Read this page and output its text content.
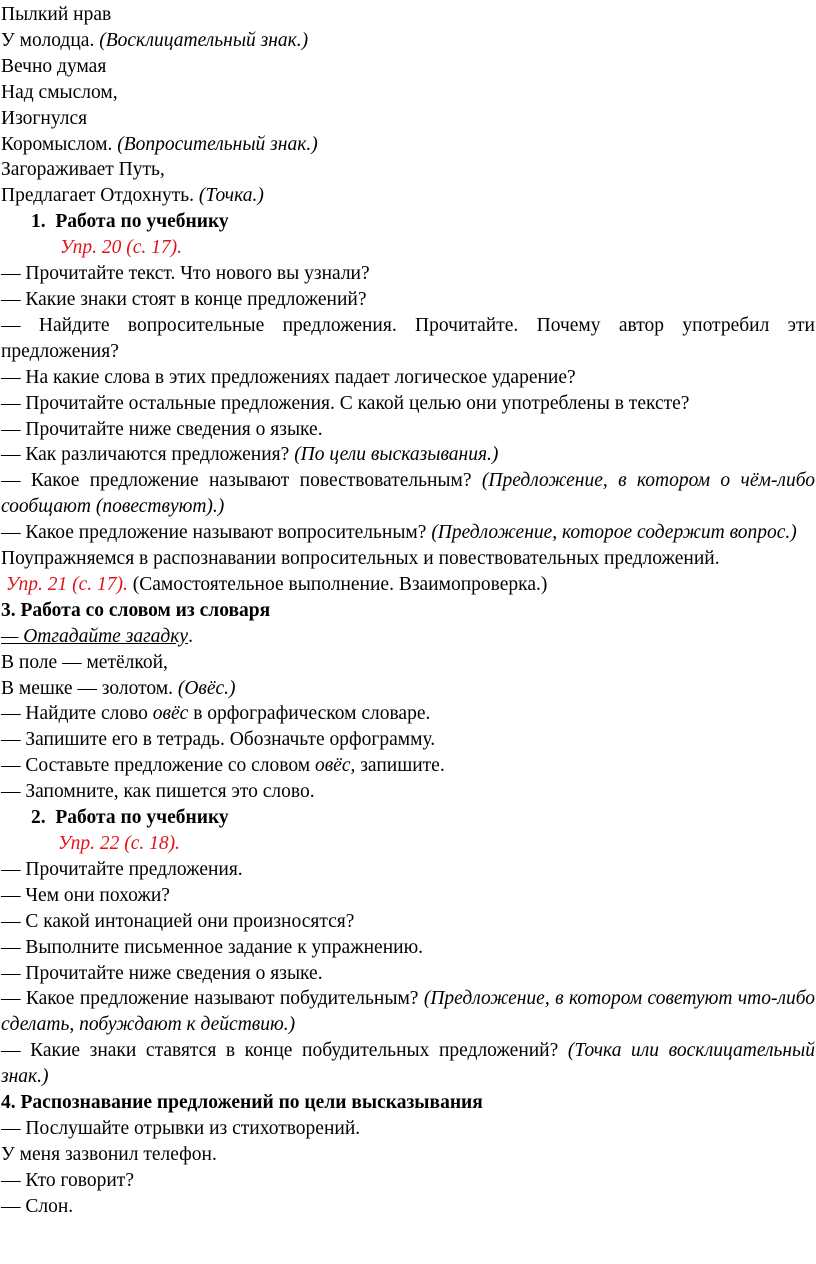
Пылкий нрав
У молодца. (Восклицательный знак.)
Вечно думая
Над смыслом,
Изогнулся
Коромыслом. (Вопросительный знак.)
Загораживает Путь,
Предлагает Отдохнуть. (Точка.)
1. Работа по учебнику
Упр. 20 (с. 17).
— Прочитайте текст. Что нового вы узнали?
— Какие знаки стоят в конце предложений?
— Найдите вопросительные предложения. Прочитайте. Почему автор употребил эти предложения?
— На какие слова в этих предложениях падает логическое ударение?
— Прочитайте остальные предложения. С какой целью они употреблены в тексте?
— Прочитайте ниже сведения о языке.
— Как различаются предложения? (По цели высказывания.)
— Какое предложение называют повествовательным? (Предложение, в котором о чём-либо сообщают (повествуют).)
— Какое предложение называют вопросительным? (Предложение, которое содержит вопрос.)
Поупражняемся в распознавании вопросительных и повествовательных предложений.
Упр. 21 (с. 17). (Самостоятельное выполнение. Взаимопроверка.)
3. Работа со словом из словаря
— Отгадайте загадку.
В поле — метёлкой,
В мешке — золотом. (Овёс.)
— Найдите слово овёс в орфографическом словаре.
— Запишите его в тетрадь. Обозначьте орфограмму.
— Составьте предложение со словом овёс, запишите.
— Запомните, как пишется это слово.
2. Работа по учебнику
Упр. 22 (с. 18).
— Прочитайте предложения.
— Чем они похожи?
— С какой интонацией они произносятся?
— Выполните письменное задание к упражнению.
— Прочитайте ниже сведения о языке.
— Какое предложение называют побудительным? (Предложение, в котором советуют что-либо сделать, побуждают к действию.)
— Какие знаки ставятся в конце побудительных предложений? (Точка или восклицательный знак.)
4. Распознавание предложений по цели высказывания
— Послушайте отрывки из стихотворений.
У меня зазвонил телефон.
— Кто говорит?
— Слон.
